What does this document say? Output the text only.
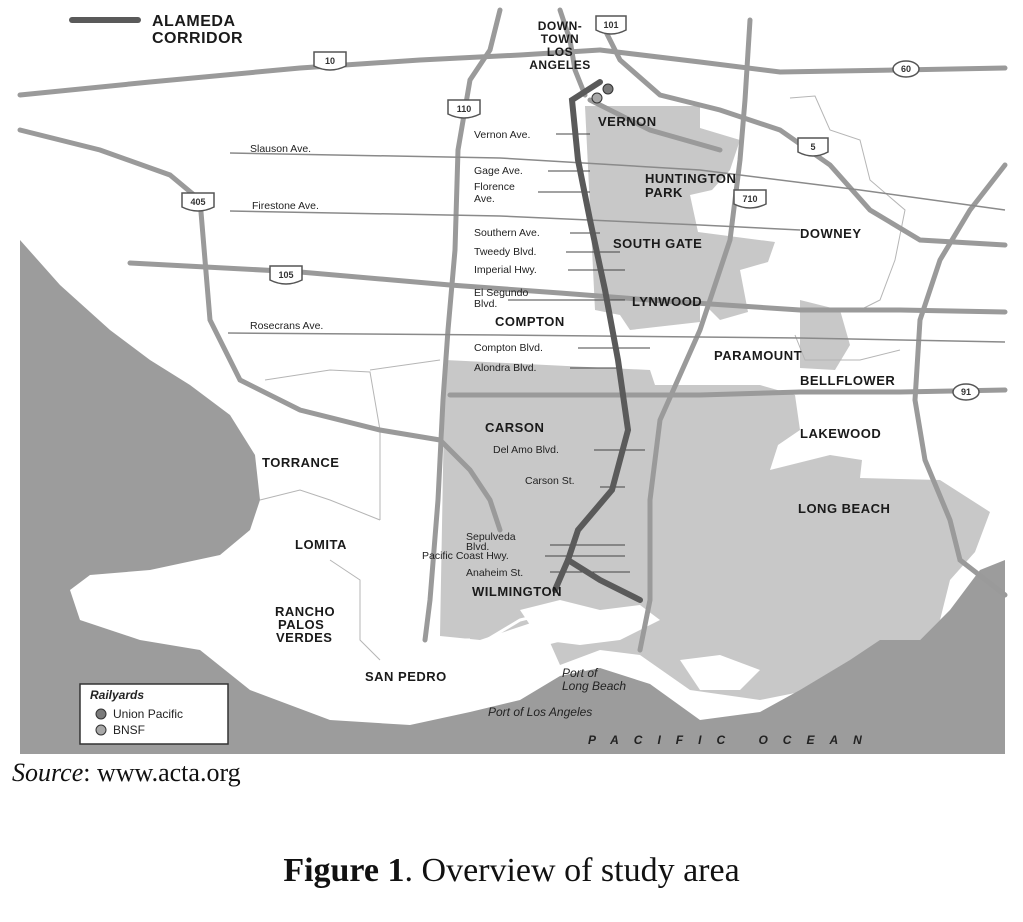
10
101
60
110
5
405	710
105
91
ALAMEDA
CORRIDOR
DOWN-
TOWN
LOS
ANGELES
VERNON
HUNTINGTON
PARK
SOUTH GATE
DOWNEY
LYNWOOD
COMPTON
PARAMOUNT
BELLFLOWER
CARSON	LAKEWOOD
TORRANCE
LONG BEACH
LOMITA
RANCHO
PALOS
VERDES
WILMINGTON
SAN PEDRO
Vernon Ave.
Slauson Ave.
Gage Ave.
Florence
Ave.
Firestone Ave.
Southern Ave.
Tweedy Blvd.
Imperial Hwy.
El Segundo
Blvd.
Rosecrans Ave.
Compton Blvd.
Alondra Blvd.
Del Amo Blvd.
Carson St.
Sepulveda
Blvd.
Pacific Coast Hwy.
Anaheim St.
Port of
Long Beach
Port of Los Angeles
PACIFIC OCEAN
Railyards
Union Pacific
BNSF
Source: www.acta.org
Figure 1. Overview of study area
